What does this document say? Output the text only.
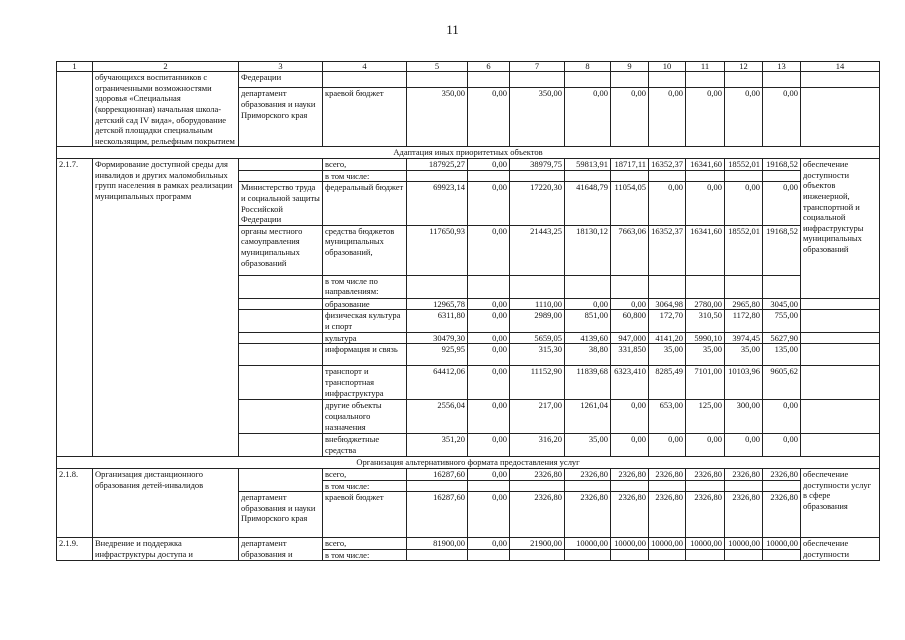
11
1	2	3	4	5	6	7	8	9	10	11	12	13	14
	обучающихся воспитанников с ограниченными возможностями здоровья «Специальная (коррекционная) начальная школа-детский сад IV вида», оборудование детской площадки специальным нескользящим, рельефным покрытием	Федерации											
		департамент образования и науки Приморского края	краевой бюджет	350,00	0,00	350,00	0,00	0,00	0,00	0,00	0,00	0,00	
Адаптация иных приоритетных объектов													
2.1.7.	Формирование доступной среды для инвалидов и других маломобильных групп населения в рамках реализации муниципальных программ		всего,	187925,27	0,00	38979,75	59813,91	18717,11	16352,37	16341,60	18552,01	19168,52	обеспечение доступности объектов инженерной, транспортной и социальной инфраструктуры муниципальных образований
			в том числе:										
		Министерство труда и социальной защиты Российской Федерации	федеральный бюджет	69923,14	0,00	17220,30	41648,79	11054,05	0,00	0,00	0,00	0,00	
		органы местного самоуправления муниципальных образований	средства бюджетов муниципальных образований,	117650,93	0,00	21443,25	18130,12	7663,06	16352,37	16341,60	18552,01	19168,52	
			в том числе по направлениям:										
			образование	12965,78	0,00	1110,00	0,00	0,00	3064,98	2780,00	2965,80	3045,00	
			физическая культура и спорт	6311,80	0,00	2989,00	851,00	60,800	172,70	310,50	1172,80	755,00	
			культура	30479,30	0,00	5659,05	4139,60	947,000	4141,20	5990,10	3974,45	5627,90	
			информация и связь	925,95	0,00	315,30	38,80	331,850	35,00	35,00	35,00	135,00	
			транспорт и транспортная инфраструктура	64412,06	0,00	11152,90	11839,68	6323,410	8285,49	7101,00	10103,96	9605,62	
			другие объекты социального назначения	2556,04	0,00	217,00	1261,04	0,00	653,00	125,00	300,00	0,00	
			внебюджетные средства	351,20	0,00	316,20	35,00	0,00	0,00	0,00	0,00	0,00	
Организация альтернативного формата предоставления услуг													
2.1.8.	Организация дистанционного образования детей-инвалидов		всего,	16287,60	0,00	2326,80	2326,80	2326,80	2326,80	2326,80	2326,80	2326,80	обеспечение доступности услуг в сфере образования
			в том числе:										
		департамент образования и науки Приморского края	краевой бюджет	16287,60	0,00	2326,80	2326,80	2326,80	2326,80	2326,80	2326,80	2326,80	
2.1.9.	Внедрение и поддержка инфраструктуры доступа и	департамент образования и	всего,	81900,00	0,00	21900,00	10000,00	10000,00	10000,00	10000,00	10000,00	10000,00	обеспечение доступности
			в том числе:										
